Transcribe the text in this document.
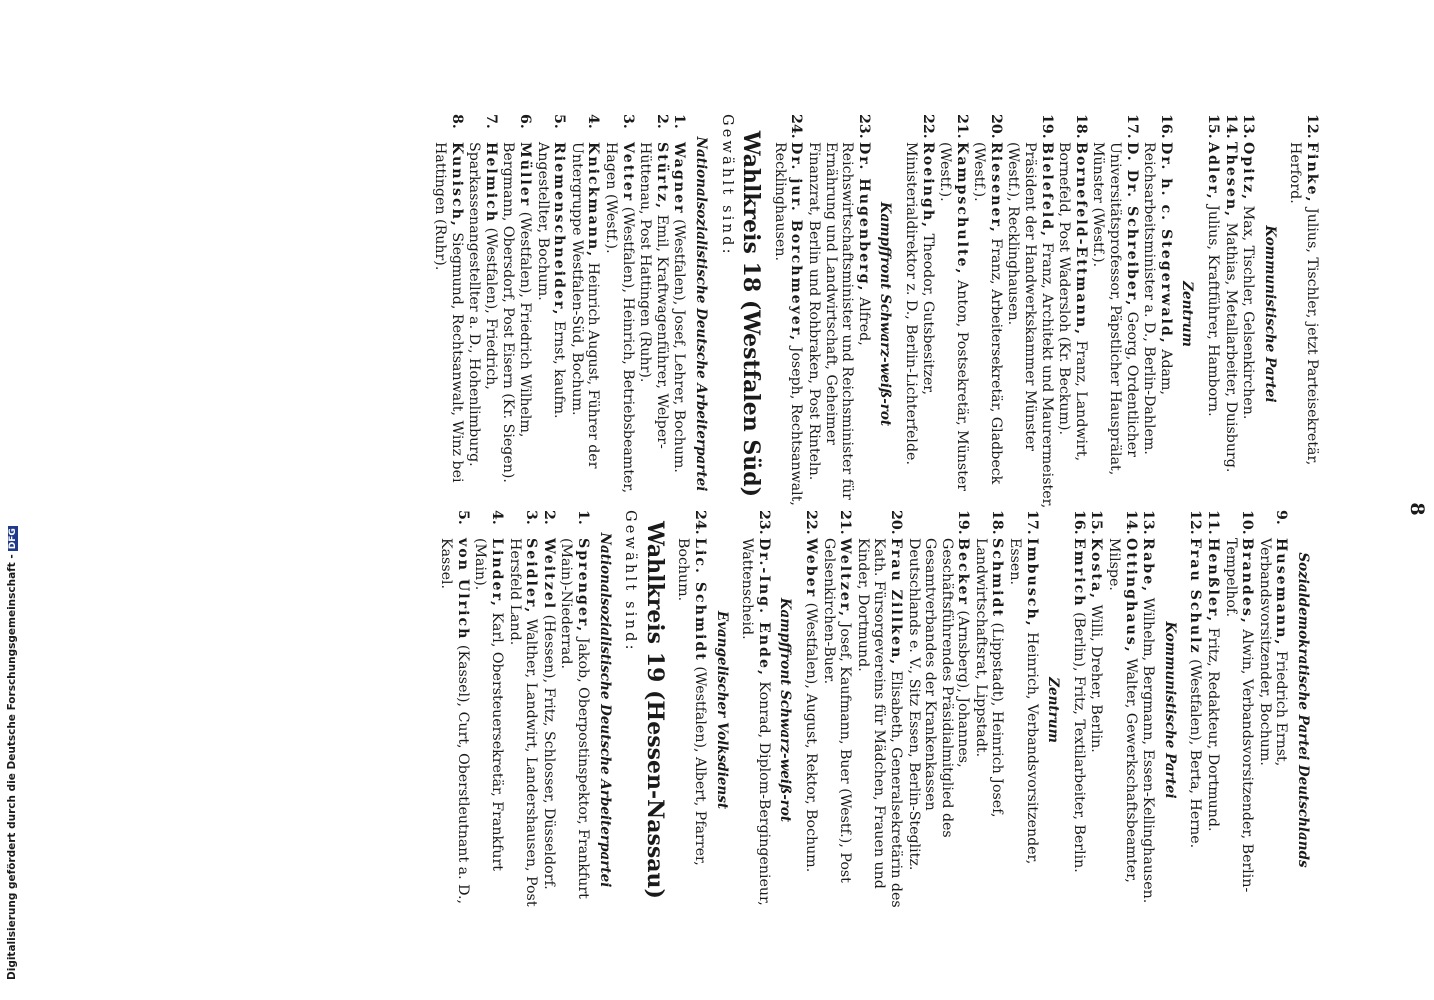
8
12.Finke, Julius, Tischler, jetzt Parteisekretär, Herford.
Kommunistische Partei
13.Opitz, Max, Tischler, Gelsenkirchen.
14.Thesen, Mathias, Metallarbeiter, Duisburg.
15.Adler, Julius, Kraftführer, Hamborn.
Zentrum
16.Dr. h. c. Stegerwald, Adam, Reichsarbeitsminister a. D., Berlin-Dahlem.
17.D. Dr. Schreiber, Georg, Ordentlicher Universitätsprofessor, Päpstlicher Hausprälat, Münster (Westf.).
18.Bornefeld-Ettmann, Franz, Landwirt, Bornefeld, Post Wadersloh (Kr. Beckum).
19.Bielefeld, Franz, Architekt und Maurermeister, Präsident der Handwerkskammer Münster (Westf.), Recklinghausen.
20.Riesener, Franz, Arbeitersekretär, Gladbeck (Westf.).
21.Kampschulte, Anton, Postsekretär, Münster (Westf.).
22.Roeingh, Theodor, Gutsbesitzer, Ministerialdirektor z. D., Berlin-Lichterfelde.
Kampffront Schwarz-weiß-rot
23.Dr. Hugenberg, Alfred, Reichswirtschaftsminister und Reichsminister für Ernährung und Landwirtschaft, Geheimer Finanzrat, Berlin und Rohbraken, Post Rinteln.
24.Dr. jur. Borchmeyer, Joseph, Rechtsanwalt, Recklinghausen.
Wahlkreis 18 (Westfalen Süd)
Gewählt sind:
Nationalsozialistische Deutsche Arbeiterpartei
1.Wagner (Westfalen), Josef, Lehrer, Bochum.
2.Stürtz, Emil, Kraftwagenführer, Welper-Hüttenau, Post Hattingen (Ruhr).
3.Vetter (Westfalen), Heinrich, Betriebsbeamter, Hagen (Westf.).
4.Knickmann, Heinrich August, Führer der Untergruppe Westfalen-Süd, Bochum.
5.Riemenschneider, Ernst, kaufm. Angestellter, Bochum.
6.Müller (Westfalen), Friedrich Wilhelm, Bergmann, Obersdorf, Post Eisern (Kr. Siegen).
7.Helmich (Westfalen), Friedrich, Sparkassenangestellter a. D., Hohenlimburg.
8.Kunisch, Siegmund, Rechtsanwalt, Winz bei Hattingen (Ruhr).
Sozialdemokratische Partei Deutschlands
9.Husemann, Friedrich Ernst, Verbandsvorsitzender, Bochum.
10.Brandes, Alwin, Verbandsvorsitzender, Berlin-Tempelhof.
11.Henßler, Fritz, Redakteur, Dortmund.
12.Frau Schulz (Westfalen), Berta, Herne.
Kommunistische Partei
13.Rabe, Wilhelm, Bergmann, Essen-Kellinghausen.
14.Ottinghaus, Walter, Gewerkschaftsbeamter, Milspe.
15.Kosta, Willi, Dreher, Berlin.
16.Emrich (Berlin), Fritz, Textilarbeiter, Berlin.
Zentrum
17.Imbusch, Heinrich, Verbandsvorsitzender, Essen.
18.Schmidt (Lippstadt), Heinrich Josef, Landwirtschaftsrat, Lippstadt.
19.Becker (Arnsberg), Johannes, Geschäftsführendes Präsidialmitglied des Gesamtverbandes der Krankenkassen Deutschlands e. V., Sitz Essen, Berlin-Steglitz.
20.Frau Zillken, Elisabeth, Generalsekretärin des Kath. Fürsorgevereins für Mädchen, Frauen und Kinder, Dortmund.
21.Weltzer, Josef, Kaufmann, Buer (Westf.), Post Gelsenkirchen-Buer.
22.Weber (Westfalen), August, Rektor, Bochum.
Kampffront Schwarz-weiß-rot
23.Dr.-Ing. Ende, Konrad, Diplom-Bergingenieur, Wattenscheid.
Evangelischer Volksdienst
24.Lic. Schmidt (Westfalen), Albert, Pfarrer, Bochum.
Wahlkreis 19 (Hessen-Nassau)
Gewählt sind:
Nationalsozialistische Deutsche Arbeiterpartei
1.Sprenger, Jakob, Oberpostinspektor, Frankfurt (Main)-Niederrad.
2.Weitzel (Hessen), Fritz, Schlosser, Düsseldorf.
3.Seidler, Walther, Landwirt, Landershausen, Post Hersfeld Land.
4.Linder, Karl, Obersteuersekretär, Frankfurt (Main).
5.von Ulrich (Kassel), Curt, Oberstleutnant a. D., Kassel.
Digitalisierung gefördert durch die Deutsche Forschungsgemeinschaft -DFG
